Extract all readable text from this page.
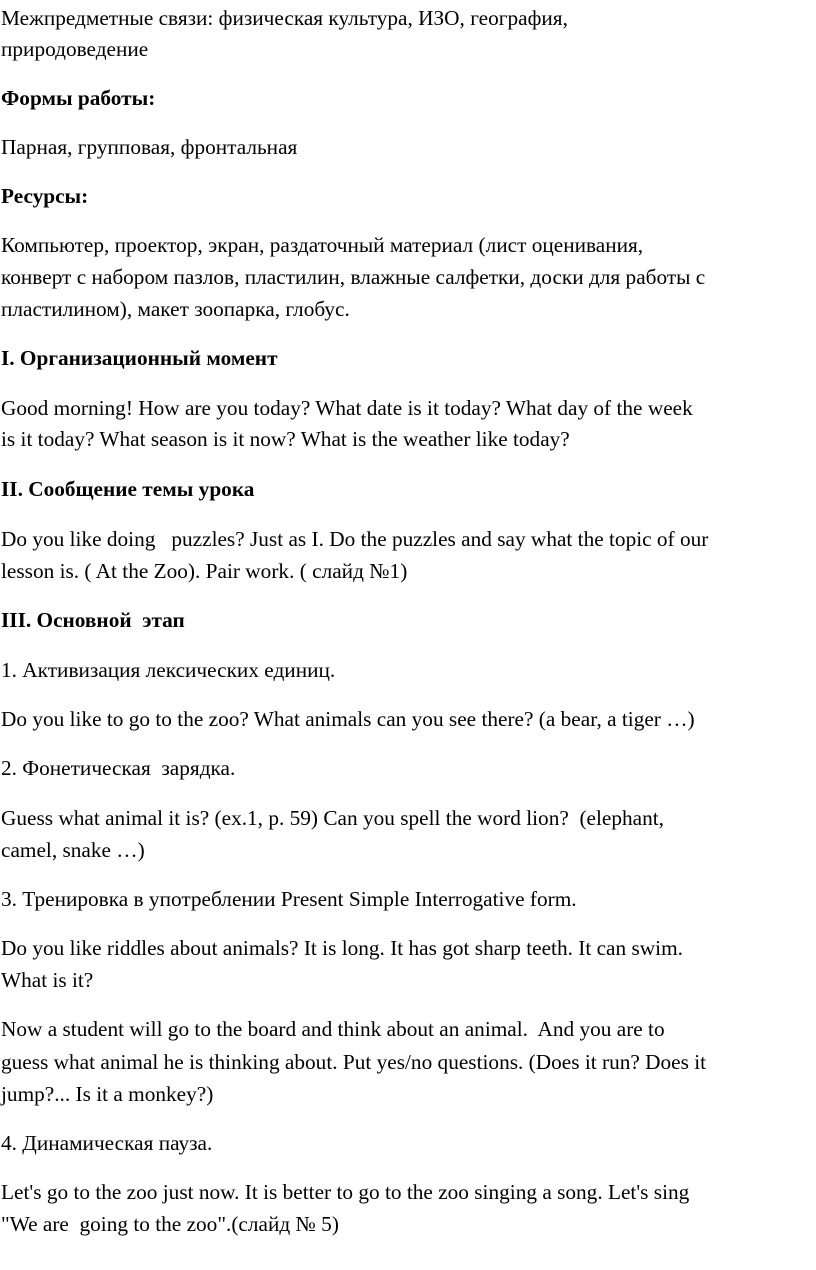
Межпредметные связи: физическая культура, ИЗО, география,

природоведение

Формы работы:

Парная, групповая, фронтальная

Ресурсы:

Компьютер, проектор, экран, раздаточный материал (лист оценивания,

конверт с набором пазлов, пластилин, влажные салфетки, доски для работы с

пластилином), макет зоопарка, глобус.

I. Организационный момент

Good morning! How are you today? What date is it today? What day of the week

is it today? What season is it now? What is the weather like today?

II. Сообщение темы урока

Do you like doing   puzzles? Just as I. Do the puzzles and say what the topic of our

lesson is. ( At the Zoo). Pair work. ( слайд №1)

III. Основной  этап

1. Активизация лексических единиц.

Do you like to go to the zoo? What animals can you see there? (a bear, a tiger …)

2. Фонетическая  зарядка.

Guess what animal it is? (ex.1, p. 59) Can you spell the word lion?  (elephant,

camel, snake …)

3. Тренировка в употреблении Present Simple Interrogative form.

Do you like riddles about animals? It is long. It has got sharp teeth. It can swim.

What is it?

Now a student will go to the board and think about an animal.  And you are to

guess what animal he is thinking about. Put yes/no questions. (Does it run? Does it

jump?... Is it a monkey?)

4. Динамическая пауза.

Let's go to the zoo just now. It is better to go to the zoo singing a song. Let's sing

"We are  going to the zoo".(слайд № 5)
